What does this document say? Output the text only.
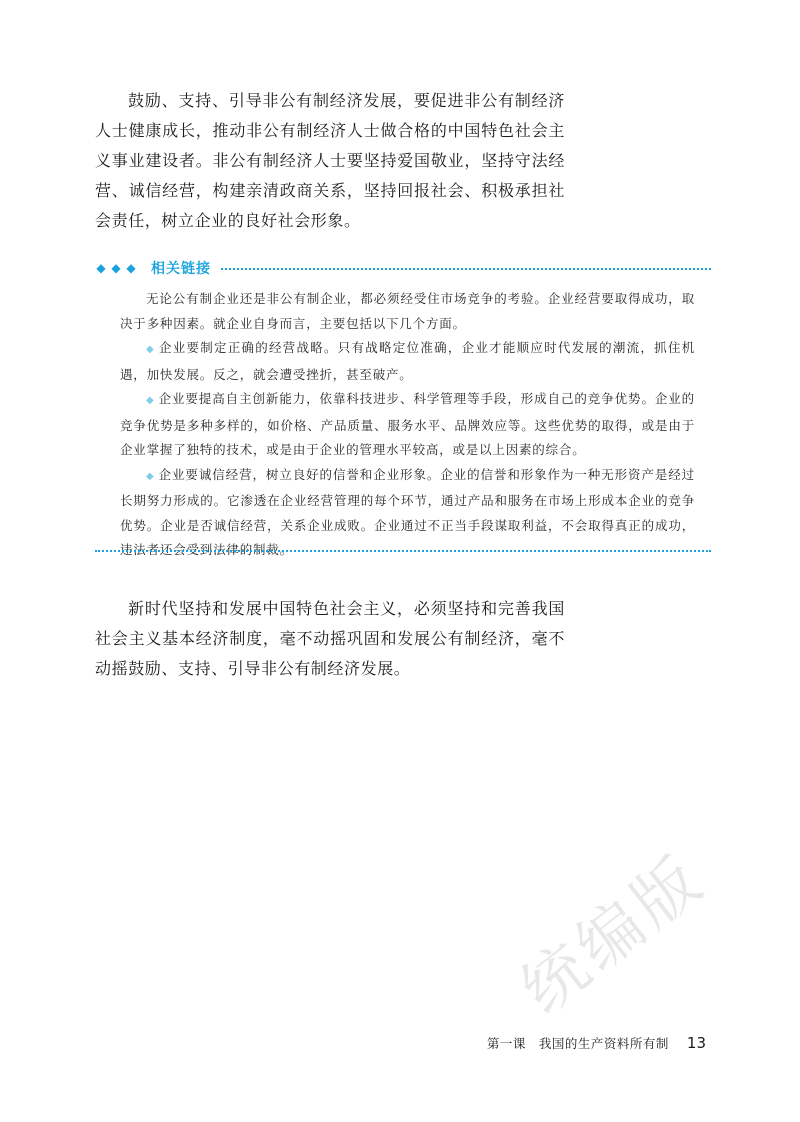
鼓励、支持、引导非公有制经济发展，要促进非公有制经济人士健康成长，推动非公有制经济人士做合格的中国特色社会主义事业建设者。非公有制经济人士要坚持爱国敬业，坚持守法经营、诚信经营，构建亲清政商关系，坚持回报社会、积极承担社会责任，树立企业的良好社会形象。

◆ ◆ ◆ 相关链接

无论公有制企业还是非公有制企业，都必须经受住市场竞争的考验。企业经营要取得成功，取决于多种因素。就企业自身而言，主要包括以下几个方面。

◆ 企业要制定正确的经营战略。只有战略定位准确，企业才能顺应时代发展的潮流，抓住机遇，加快发展。反之，就会遭受挫折，甚至破产。

◆ 企业要提高自主创新能力，依靠科技进步、科学管理等手段，形成自己的竞争优势。企业的竞争优势是多种多样的，如价格、产品质量、服务水平、品牌效应等。这些优势的取得，或是由于企业掌握了独特的技术，或是由于企业的管理水平较高，或是以上因素的综合。

◆ 企业要诚信经营，树立良好的信誉和企业形象。企业的信誉和形象作为一种无形资产是经过长期努力形成的。它渗透在企业经营管理的每个环节，通过产品和服务在市场上形成本企业的竞争优势。企业是否诚信经营，关系企业成败。企业通过不正当手段谋取利益，不会取得真正的成功，违法者还会受到法律的制裁。

新时代坚持和发展中国特色社会主义，必须坚持和完善我国社会主义基本经济制度，毫不动摇巩固和发展公有制经济，毫不动摇鼓励、支持、引导非公有制经济发展。

统编版
第一课　我国的生产资料所有制 13
